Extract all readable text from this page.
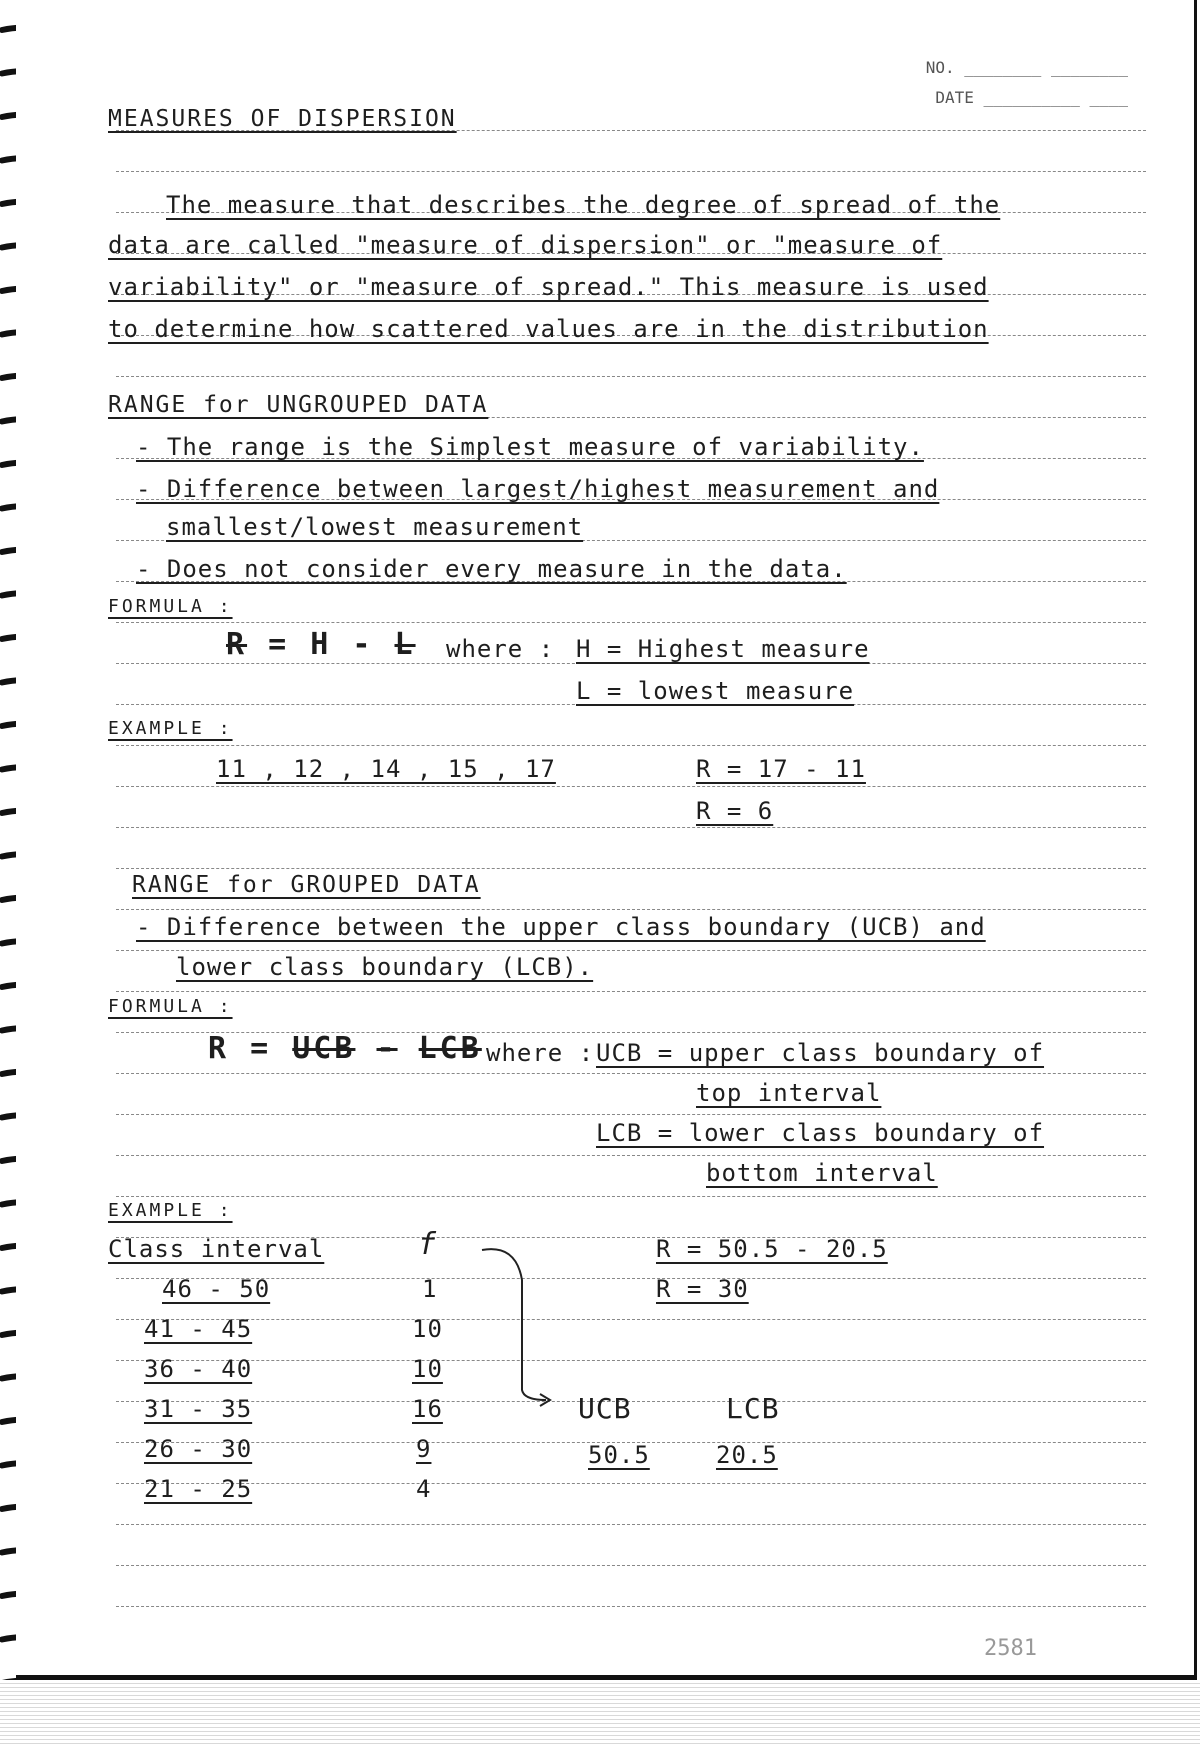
NO. ________ ________
DATE __________ ____
MEASURES OF DISPERSION
The measure that describes the degree of spread of the
data are called "measure of dispersion" or "measure of
variability" or "measure of spread." This measure is used
to determine how scattered values are in the distribution
RANGE for UNGROUPED DATA
- The range is the Simplest measure of variability.
- Difference between largest/highest measurement and
smallest/lowest measurement
- Does not consider every measure in the data.
FORMULA :
R = H - L where : H = Highest measure
L = lowest measure
EXAMPLE :
11 , 12 , 14 , 15 , 17	R = 17 - 11
R = 6
RANGE for GROUPED DATA
- Difference between the upper class boundary (UCB) and
lower class boundary (LCB).
FORMULA :
R = UCB - LCB where : UCB = upper class boundary of
top interval
LCB = lower class boundary of
bottom interval
EXAMPLE :
Class interval	f
46 - 50	1
41 - 45	10
36 - 40	10
31 - 35	16
26 - 30	9
21 - 25	4
R = 50.5 - 20.5
R = 30
UCB	LCB
50.5	20.5
2581
